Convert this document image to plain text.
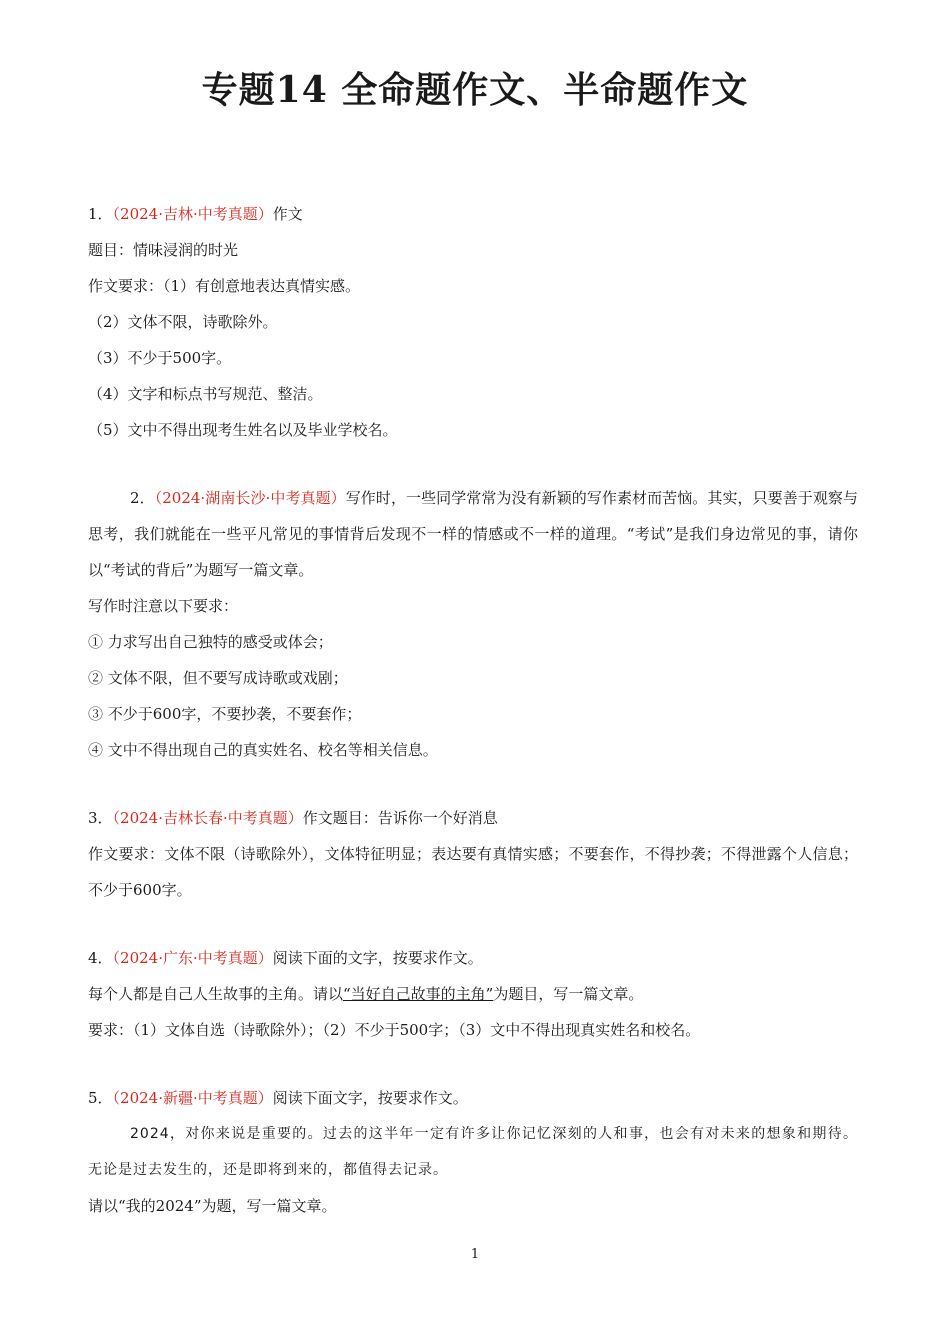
专题14 全命题作文、半命题作文
1．（2024·吉林·中考真题）作文
题目：情味浸润的时光
作文要求：（1）有创意地表达真情实感。
（2）文体不限，诗歌除外。
（3）不少于500字。
（4）文字和标点书写规范、整洁。
（5）文中不得出现考生姓名以及毕业学校名。
2．（2024·湖南长沙·中考真题）写作时，一些同学常常为没有新颖的写作素材而苦恼。其实，只要善于观察与思考，我们就能在一些平凡常见的事情背后发现不一样的情感或不一样的道理。“考试”是我们身边常见的事，请你以“考试的背后”为题写一篇文章。
写作时注意以下要求：
① 力求写出自己独特的感受或体会；
② 文体不限，但不要写成诗歌或戏剧；
③ 不少于600字，不要抄袭，不要套作；
④ 文中不得出现自己的真实姓名、校名等相关信息。
3．（2024·吉林长春·中考真题）作文题目：告诉你一个好消息
作文要求：文体不限（诗歌除外），文体特征明显；表达要有真情实感；不要套作，不得抄袭；不得泄露个人信息；不少于600字。
4．（2024·广东·中考真题）阅读下面的文字，按要求作文。
每个人都是自己人生故事的主角。请以“当好自己故事的主角”为题目，写一篇文章。
要求：（1）文体自选（诗歌除外）；（2）不少于500字；（3）文中不得出现真实姓名和校名。
5．（2024·新疆·中考真题）阅读下面文字，按要求作文。
2024，对你来说是重要的。过去的这半年一定有许多让你记忆深刻的人和事，也会有对未来的想象和期待。无论是过去发生的，还是即将到来的，都值得去记录。
请以“我的2024”为题，写一篇文章。
1
